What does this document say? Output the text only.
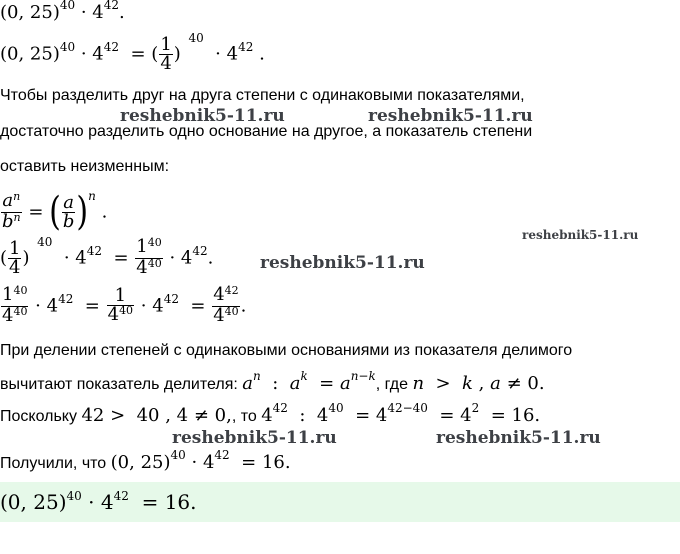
(0, $25)^{40} \cdot 4^{42}$.
(0, $25)^{40} \cdot 4^{42}$  = ( $\frac{1}{4}$ )  $^{40} \cdot 4^{42}$ .
Чтобы разделить друг на друга степени с одинаковыми показателями,
достаточно разделить одно основание на другое, а показатель степени
оставить неизменным:
$\frac{a^n}{b^n}$ = ( $\frac{a}{b} )^n$ .
( $\frac{1}{4}$ )  $^{40} \cdot 4^{42} = \frac{1^{40}}{4^{40}} \cdot 4^{42}$.
$\frac{1^{40}}{4^{40}} \cdot 4^{42} = \frac{1}{4^{40}} \cdot 4^{42} = \frac{4^{42}}{4^{40}}$ .
При делении степеней с одинаковыми основаниями из показателя делимого
вычитают показатель делителя: $a^n$  :  $a^k = a^{n-k}$, где n  >  k , a ≠ 0.
Поскольку 42 >  40 , 4 ≠ 0,, то $4^{42}$  :  $4^{40} = 4^{42-40} = 4^2 = 16$.
Получили, что (0, $25)^{40} \cdot 4^{42} = 16$.
(0, $25)^{40} \cdot 4^{42} = 16$.
reshebnik5-11.ru	reshebnik5-11.ru
reshebnik5-11.ru
reshebnik5-11.ru
reshebnik5-11.ru	reshebnik5-11.ru
